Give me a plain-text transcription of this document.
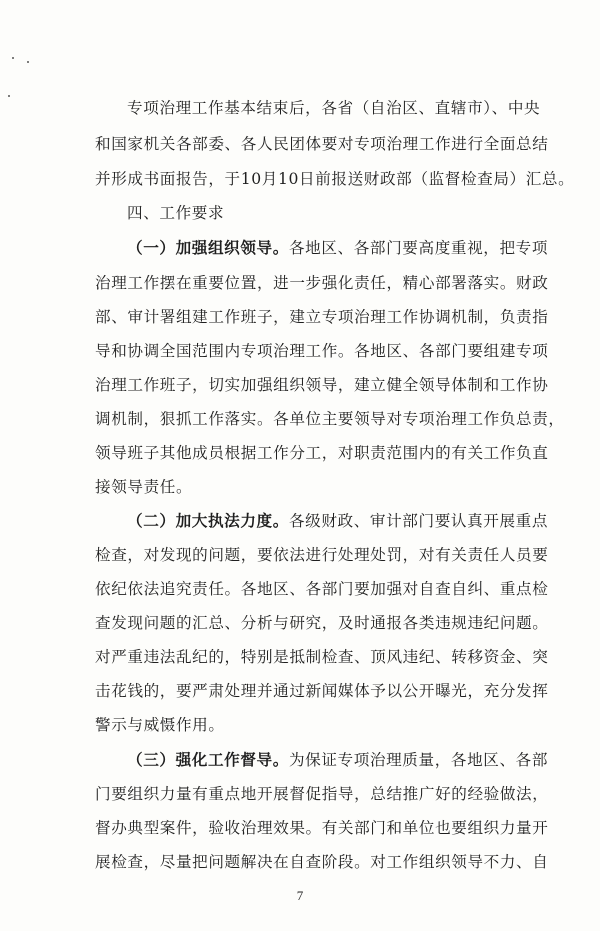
专项治理工作基本结束后，各省（自治区、直辖市）、中央
和国家机关各部委、各人民团体要对专项治理工作进行全面总结
并形成书面报告，于10月10日前报送财政部（监督检查局）汇总。
四、工作要求
（一）加强组织领导。各地区、各部门要高度重视，把专项
治理工作摆在重要位置，进一步强化责任，精心部署落实。财政
部、审计署组建工作班子，建立专项治理工作协调机制，负责指
导和协调全国范围内专项治理工作。各地区、各部门要组建专项
治理工作班子，切实加强组织领导，建立健全领导体制和工作协
调机制，狠抓工作落实。各单位主要领导对专项治理工作负总责，
领导班子其他成员根据工作分工，对职责范围内的有关工作负直
接领导责任。
（二）加大执法力度。各级财政、审计部门要认真开展重点
检查，对发现的问题，要依法进行处理处罚，对有关责任人员要
依纪依法追究责任。各地区、各部门要加强对自查自纠、重点检
查发现问题的汇总、分析与研究，及时通报各类违规违纪问题。
对严重违法乱纪的，特别是抵制检查、顶风违纪、转移资金、突
击花钱的，要严肃处理并通过新闻媒体予以公开曝光，充分发挥
警示与威慑作用。
（三）强化工作督导。为保证专项治理质量，各地区、各部
门要组织力量有重点地开展督促指导，总结推广好的经验做法，
督办典型案件，验收治理效果。有关部门和单位也要组织力量开
展检查，尽量把问题解决在自查阶段。对工作组织领导不力、自
7
